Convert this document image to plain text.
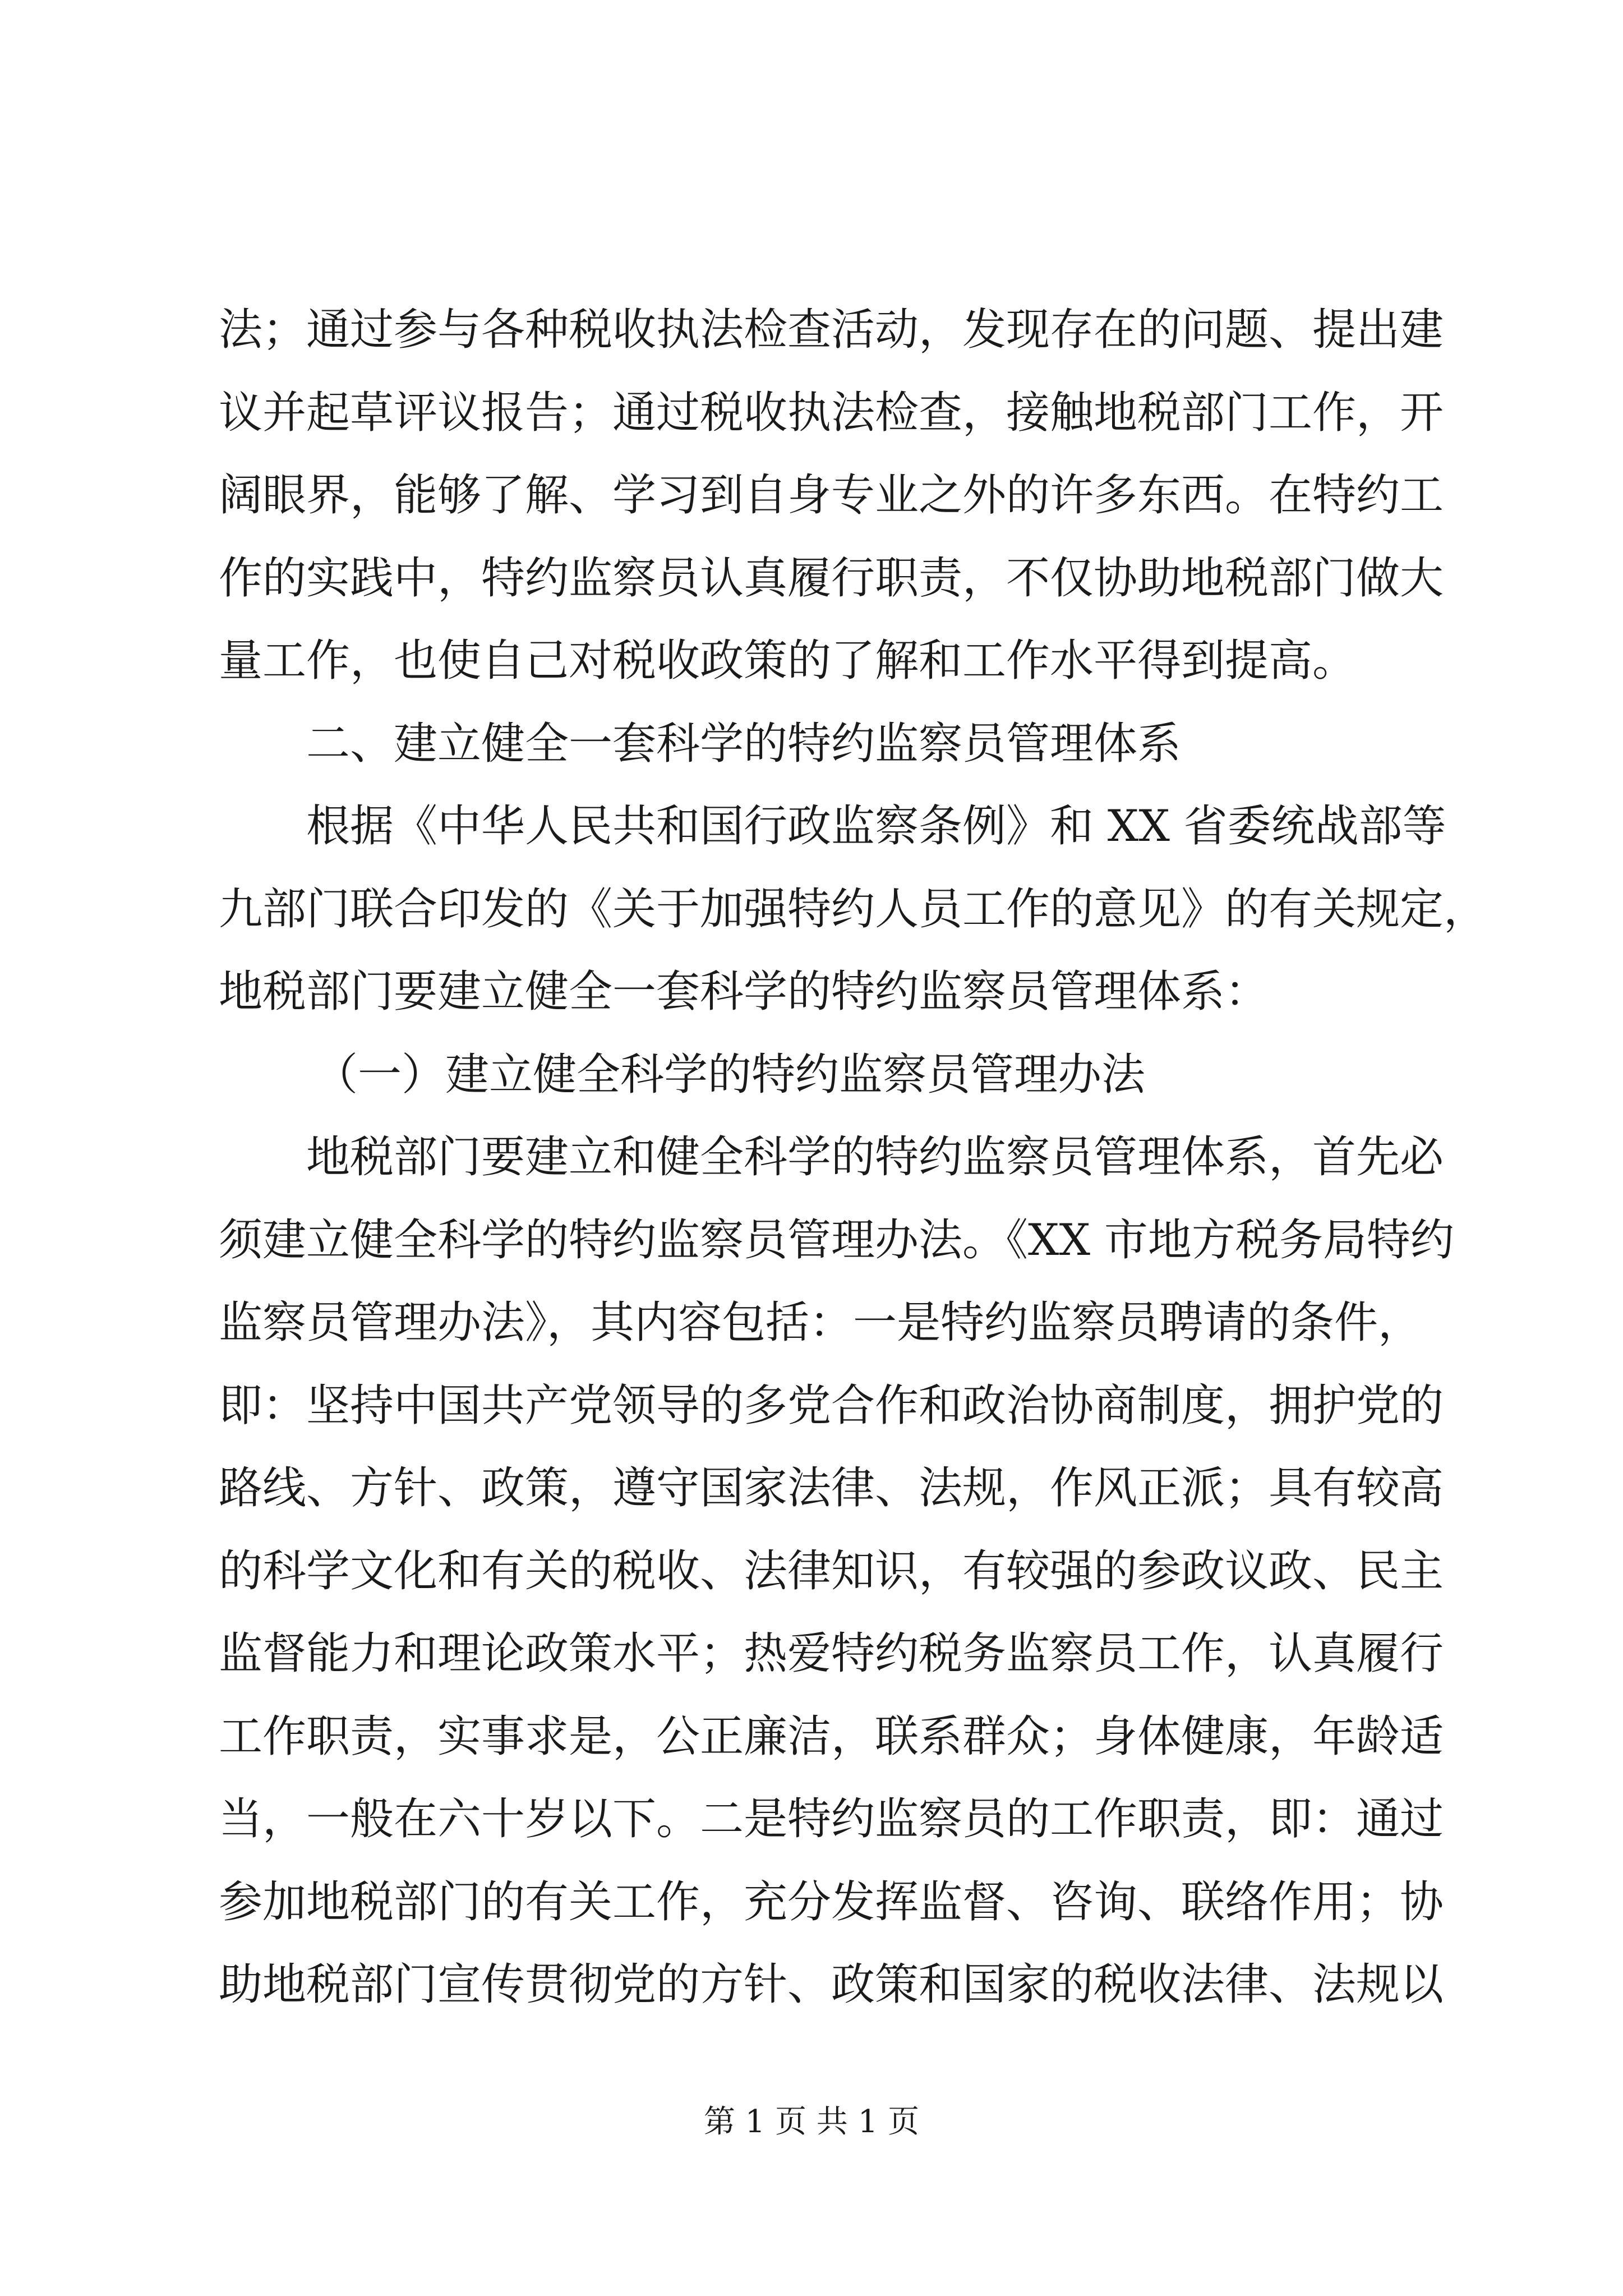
法；通过参与各种税收执法检查活动，发现存在的问题、提出建
议并起草评议报告；通过税收执法检查，接触地税部门工作，开
阔眼界，能够了解、学习到自身专业之外的许多东西。在特约工
作的实践中，特约监察员认真履行职责，不仅协助地税部门做大
量工作，也使自己对税收政策的了解和工作水平得到提高。
二、建立健全一套科学的特约监察员管理体系
根据《中华人民共和国行政监察条例》和 XX 省委统战部等
九部门联合印发的《关于加强特约人员工作的意见》的有关规定，
地税部门要建立健全一套科学的特约监察员管理体系：
（一）建立健全科学的特约监察员管理办法
地税部门要建立和健全科学的特约监察员管理体系，首先必
须建立健全科学的特约监察员管理办法。《XX 市地方税务局特约
监察员管理办法》，其内容包括：一是特约监察员聘请的条件，
即：坚持中国共产党领导的多党合作和政治协商制度，拥护党的
路线、方针、政策，遵守国家法律、法规，作风正派；具有较高
的科学文化和有关的税收、法律知识，有较强的参政议政、民主
监督能力和理论政策水平；热爱特约税务监察员工作，认真履行
工作职责，实事求是，公正廉洁，联系群众；身体健康，年龄适
当，一般在六十岁以下。二是特约监察员的工作职责，即：通过
参加地税部门的有关工作，充分发挥监督、咨询、联络作用；协
助地税部门宣传贯彻党的方针、政策和国家的税收法律、法规以
第 1 页 共 1 页
